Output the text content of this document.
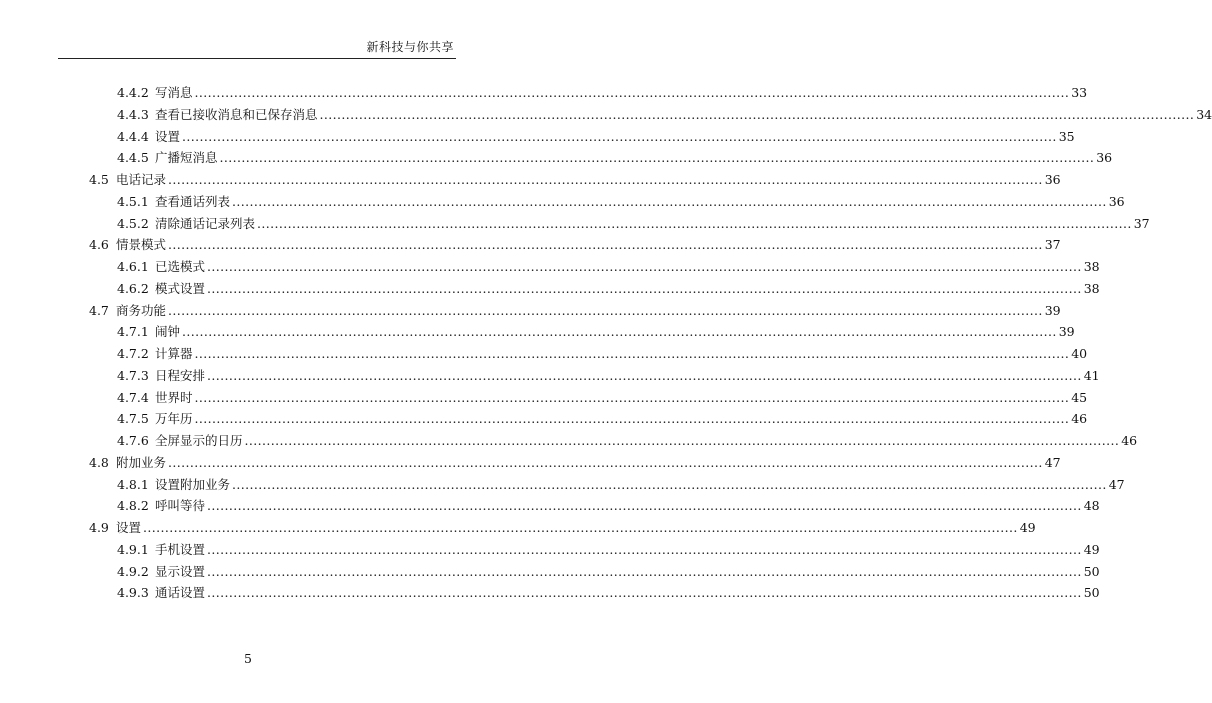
新科技与你共享
4.4.2 写消息 ........................................................................................................................................................................................................ 33
4.4.3 查看已接收消息和已保存消息 ........................................................................................................................................................................................................ 34
4.4.4 设置 ........................................................................................................................................................................................................ 35
4.4.5 广播短消息 ........................................................................................................................................................................................................ 36
4.5 电话记录 ........................................................................................................................................................................................................ 36
4.5.1 查看通话列表 ........................................................................................................................................................................................................ 36
4.5.2 清除通话记录列表 ........................................................................................................................................................................................................ 37
4.6 情景模式 ........................................................................................................................................................................................................ 37
4.6.1 已选模式 ........................................................................................................................................................................................................ 38
4.6.2 模式设置 ........................................................................................................................................................................................................ 38
4.7 商务功能 ........................................................................................................................................................................................................ 39
4.7.1 闹钟 ........................................................................................................................................................................................................ 39
4.7.2 计算器 ........................................................................................................................................................................................................ 40
4.7.3 日程安排 ........................................................................................................................................................................................................ 41
4.7.4 世界时 ........................................................................................................................................................................................................ 45
4.7.5 万年历 ........................................................................................................................................................................................................ 46
4.7.6 全屏显示的日历 ........................................................................................................................................................................................................ 46
4.8 附加业务 ........................................................................................................................................................................................................ 47
4.8.1 设置附加业务 ........................................................................................................................................................................................................ 47
4.8.2 呼叫等待 ........................................................................................................................................................................................................ 48
4.9 设置 ........................................................................................................................................................................................................ 49
4.9.1 手机设置 ........................................................................................................................................................................................................ 49
4.9.2 显示设置 ........................................................................................................................................................................................................ 50
4.9.3 通话设置 ........................................................................................................................................................................................................ 50
5
